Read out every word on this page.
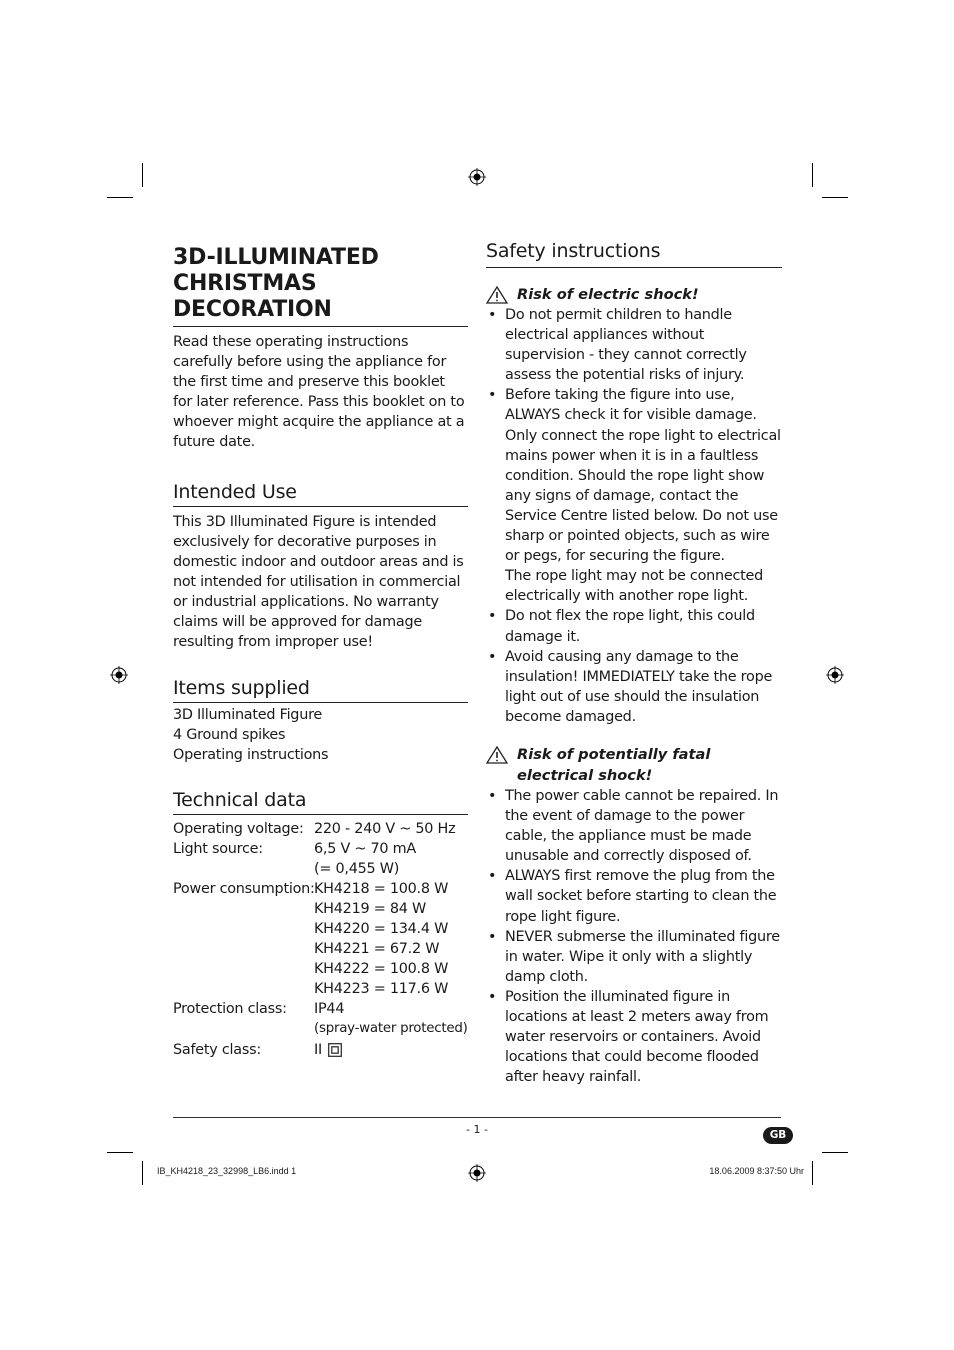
3D-ILLUMINATED
CHRISTMAS
DECORATION

Read these operating instructions carefully before using the appliance for the first time and preserve this booklet for later reference. Pass this booklet on to whoever might acquire the appliance at a future date.

Intended Use

This 3D Illuminated Figure is intended exclusively for decorative purposes in domestic indoor and outdoor areas and is not intended for utilisation in commercial or industrial applications. No warranty claims will be approved for damage resulting from improper use!

Items supplied
3D Illuminated Figure
4 Ground spikes
Operating instructions
Technical data
Operating voltage: 220 - 240 V ~ 50 Hz
Light source:	6,5 V ~ 70 mA
(= 0,455 W)
Power consumption: KH4218 = 100.8 W
KH4219 = 84 W
KH4220 = 134.4 W
KH4221 = 67.2 W
KH4222 = 100.8 W
KH4223 = 117.6 W
Protection class:	IP44
(spray-water protected)
Safety class:	II
Safety instructions
Risk of electric shock!
• Do not permit children to handle electrical appliances without supervision - they cannot correctly assess the potential risks of injury.
• Before taking the figure into use, ALWAYS check it for visible damage. Only connect the rope light to electrical mains power when it is in a faultless condition. Should the rope light show any signs of damage, contact the Service Centre listed below. Do not use sharp or pointed objects, such as wire or pegs, for securing the figure.
The rope light may not be connected electrically with another rope light.
• Do not flex the rope light, this could damage it.
• Avoid causing any damage to the insulation! IMMEDIATELY take the rope light out of use should the insulation become damaged.
Risk of potentially fatal
electrical shock!
• The power cable cannot be repaired. In the event of damage to the power cable, the appliance must be made unusable and correctly disposed of.
• ALWAYS first remove the plug from the wall socket before starting to clean the rope light figure.
• NEVER submerse the illuminated figure in water. Wipe it only with a slightly damp cloth.
• Position the illuminated figure in locations at least 2 meters away from water reservoirs or containers. Avoid locations that could become flooded after heavy rainfall.
- 1 -	GB
IB_KH4218_23_32998_LB6.indd 1	18.06.2009 8:37:50 Uhr
